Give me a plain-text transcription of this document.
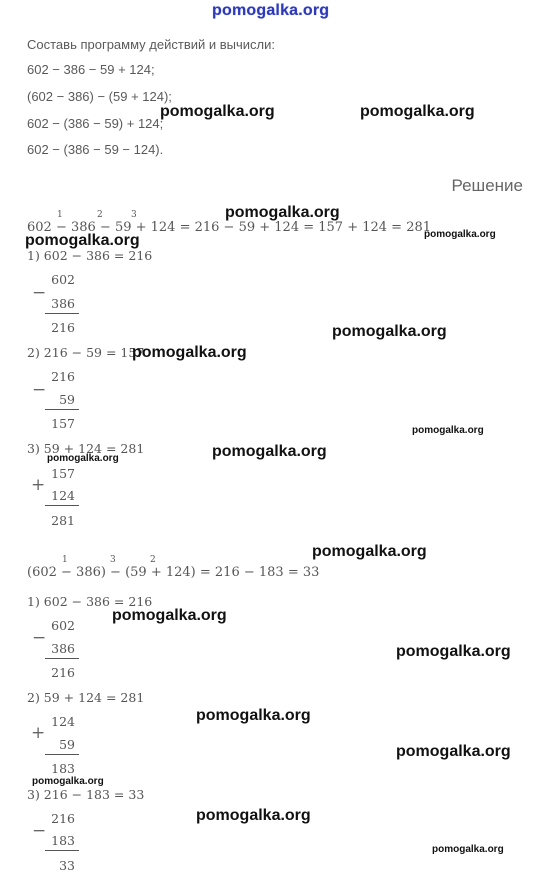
pomogalka.org
Составь программу действий и вычисли:
602 − 386 − 59 + 124;
(602 − 386) − (59 + 124);
602 − (386 − 59) + 124;
602 − (386 − 59 − 124).
Решение
1	2	3
602 − 386 − 59 + 124 = 216 − 59 + 124 = 157 + 124 = 281
1) 602 − 386 = 216
−
602
386
216
2) 216 − 59 = 157
−
216
59
157
3) 59 + 124 = 281
+
157
124
281
1	3	2
(602 − 386) − (59 + 124) = 216 − 183 = 33
1) 602 − 386 = 216
−
602
386
216
2) 59 + 124 = 281
+
124
59
183
3) 216 − 183 = 33
−
216
183
33
pomogalka.org	pomogalka.org
pomogalka.org
pomogalka.org
pomogalka.org
pomogalka.org
pomogalka.org
pomogalka.org
pomogalka.org
pomogalka.org
pomogalka.org
pomogalka.org
pomogalka.org
pomogalka.org
pomogalka.org
pomogalka.org
pomogalka.org
pomogalka.org
